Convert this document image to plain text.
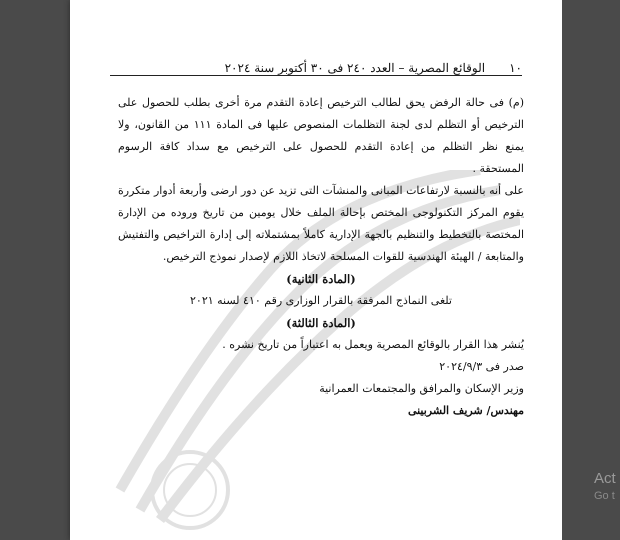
١٠
الوقائع المصرية – العدد ٢٤٠ فى ٣٠ أكتوبر سنة ٢٠٢٤

(م) فى حالة الرفض يحق لطالب الترخيص إعادة التقدم مرة أخرى بطلب للحصول على الترخيص أو التظلم لدى لجنة التظلمات المنصوص عليها فى المادة ١١١ من القانون، ولا يمنع نظر التظلم من إعادة التقدم للحصول على الترخيص مع سداد كافة الرسوم المستحقة .

على أنه بالنسبة لارتفاعات المبانى والمنشآت التى تزيد عن دور ارضى وأربعة أدوار متكررة يقوم المركز التكنولوجى المختص بإحالة الملف خلال يومين من تاريخ وروده من الإدارة المختصة بالتخطيط والتنظيم بالجهة الإدارية كاملاً بمشتملاته إلى إدارة التراخيص والتفتيش والمتابعة / الهيئة الهندسية للقوات المسلحة لاتخاذ اللازم لإصدار نموذج الترخيص.

(المادة الثانية)

تلغى النماذج المرفقة بالقرار الوزارى رقم ٤١٠ لسنه ٢٠٢١

(المادة الثالثة)

يُنشر هذا القرار بالوقائع المصرية ويعمل به اعتباراً من تاريخ نشره .

صدر فى ٢٠٢٤/٩/٣

وزير الإسكان والمرافق والمجتمعات العمرانية

مهندس/ شريف الشربينى

Act
Go t
